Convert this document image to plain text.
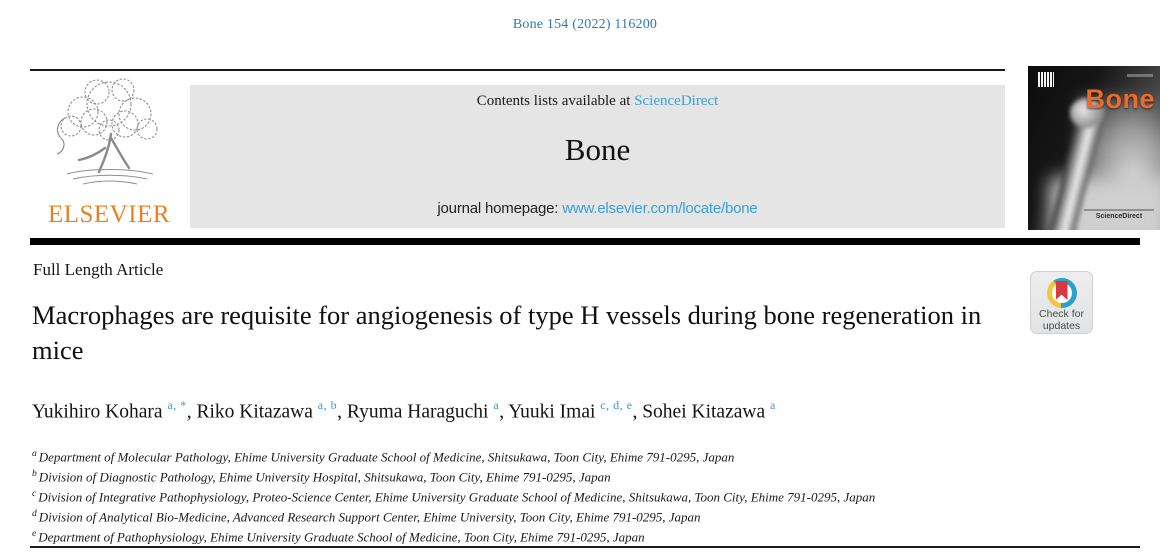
Bone 154 (2022) 116200
ELSEVIER
Contents lists available at ScienceDirect
Bone
journal homepage: www.elsevier.com/locate/bone
Bone
ScienceDirect
Full Length Article
Macrophages are requisite for angiogenesis of type H vessels during bone regeneration in mice
Check for
updates
Yukihiro Kohara $^{a, *}$, Riko Kitazawa $^{a, b}$, Ryuma Haraguchi $^a$, Yuuki Imai $^{c, d, e}$, Sohei Kitazawa $^a$
$^a$ Department of Molecular Pathology, Ehime University Graduate School of Medicine, Shitsukawa, Toon City, Ehime 791-0295, Japan
$^b$ Division of Diagnostic Pathology, Ehime University Hospital, Shitsukawa, Toon City, Ehime 791-0295, Japan
$^c$ Division of Integrative Pathophysiology, Proteo-Science Center, Ehime University Graduate School of Medicine, Shitsukawa, Toon City, Ehime 791-0295, Japan
$^d$ Division of Analytical Bio-Medicine, Advanced Research Support Center, Ehime University, Toon City, Ehime 791-0295, Japan
$^e$ Department of Pathophysiology, Ehime University Graduate School of Medicine, Toon City, Ehime 791-0295, Japan
